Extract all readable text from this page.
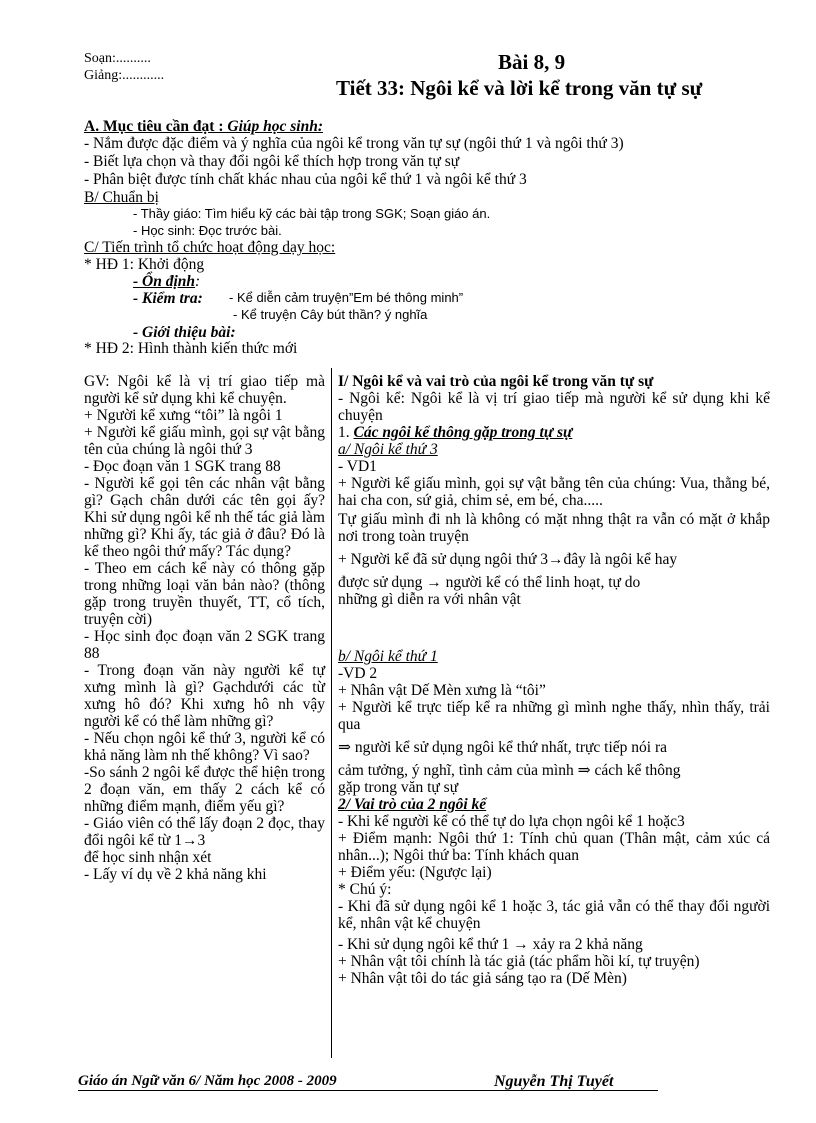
Soạn:..........
Giảng:............
Bài 8, 9
Tiết 33: Ngôi kể và lời kể trong văn tự sự
A. Mục tiêu cần đạt : Giúp học sinh:
- Nắm được đặc điểm và ý nghĩa của ngôi kể trong văn tự sự (ngôi thứ 1 và ngôi thứ 3)
- Biết lựa chọn và thay đổi ngôi kể thích hợp trong văn tự sự
- Phân biệt được tính chất khác nhau của ngôi kể thứ 1 và ngôi kể thứ 3
B/ Chuẩn bị
- Thầy giáo: Tìm hiểu kỹ các bài tập trong SGK; Soạn giáo án.
- Học sinh: Đọc trước bài.
C/ Tiến trình tổ chức hoạt động dạy học:
* HĐ 1: Khởi động
- Ổn định:
- Kiểm tra: - Kể diễn cảm truyện”Em bé thông minh”
- Kể truyện Cây bút thần? ý nghĩa
- Giới thiệu bài:
* HĐ 2: Hình thành kiến thức mới
GV: Ngôi kể là vị trí giao tiếp mà người kể sử dụng khi kể chuyện.
+ Người kể xưng “tôi” là ngôi 1
+ Người kể giấu mình, gọi sự vật bằng tên của chúng là ngôi thứ 3
- Đọc đoạn văn 1 SGK trang 88
- Người kể gọi tên các nhân vật bằng gì? Gạch chân dưới các tên gọi ấy? Khi sử dụng ngôi kể nh thế tác giả làm những gì? Khi ấy, tác giả ở đâu? Đó là kể theo ngôi thứ mấy? Tác dụng?
- Theo em cách kể này có thông gặp trong những loại văn bản nào? (thông gặp trong truyền thuyết, TT, cổ tích, truyện cời)
- Học sinh đọc đoạn văn 2 SGK trang 88
- Trong đoạn văn này người kể tự xưng mình là gì? Gạchdưới các từ xưng hô đó? Khi xưng hô nh vậy người kể có thể làm những gì?
- Nếu chọn ngôi kể thứ 3, người kể có khả năng làm nh thế không? Vì sao?
-So sánh 2 ngôi kể được thể hiện trong 2 đoạn văn, em thấy 2 cách kể có những điểm mạnh, điểm yếu gì?
- Giáo viên có thể lấy đoạn 2 đọc, thay đổi ngôi kể từ 1→3
để học sinh nhận xét
- Lấy ví dụ về 2 khả năng khi
I/ Ngôi kể và vai trò của ngôi kể trong văn tự sự
- Ngôi kể: Ngôi kể là vị trí giao tiếp mà người kể sử dụng khi kể chuyện
1. Các ngôi kể thông gặp trong tự sự
a/ Ngôi kể thứ 3
- VD1
+ Người kể giấu mình, gọi sự vật bằng tên của chúng: Vua, thằng bé, hai cha con, sứ giả, chim sẻ, em bé, cha.....
Tự giấu mình đi nh là không có mặt nhng thật ra vẫn có mặt ở khắp nơi trong toàn truyện
+ Người kể đã sử dụng ngôi thứ 3→đây là ngôi kể hay
được sử dụng → người kể có thể linh hoạt, tự do
những gì diễn ra với nhân vật
b/ Ngôi kể thứ 1
-VD 2
+ Nhân vật Dế Mèn xưng là “tôi”
+ Người kể trực tiếp kể ra những gì mình nghe thấy, nhìn thấy, trải qua
⇒ người kể sử dụng ngôi kể thứ nhất, trực tiếp nói ra
cảm tưởng, ý nghĩ, tình cảm của mình ⇒ cách kể thông
gặp trong văn tự sự
2/ Vai trò của 2 ngôi kể
- Khi kể người kể có thể tự do lựa chọn ngôi kể 1 hoặc3
+ Điểm mạnh: Ngôi thứ 1: Tính chủ quan (Thân mật, cảm xúc cá nhân...); Ngôi thứ ba: Tính khách quan
+ Điểm yếu: (Ngược lại)
* Chú ý:
- Khi đã sử dụng ngôi kể 1 hoặc 3, tác giả vẫn có thể thay đổi người kể, nhân vật kể chuyện
- Khi sử dụng ngôi kể thứ 1 → xảy ra 2 khả năng
+ Nhân vật tôi chính là tác giả (tác phẩm hồi kí, tự truyện)
+ Nhân vật tôi do tác giả sáng tạo ra (Dế Mèn)
Giáo án Ngữ văn 6/ Năm học 2008 - 2009	Nguyễn Thị Tuyết
